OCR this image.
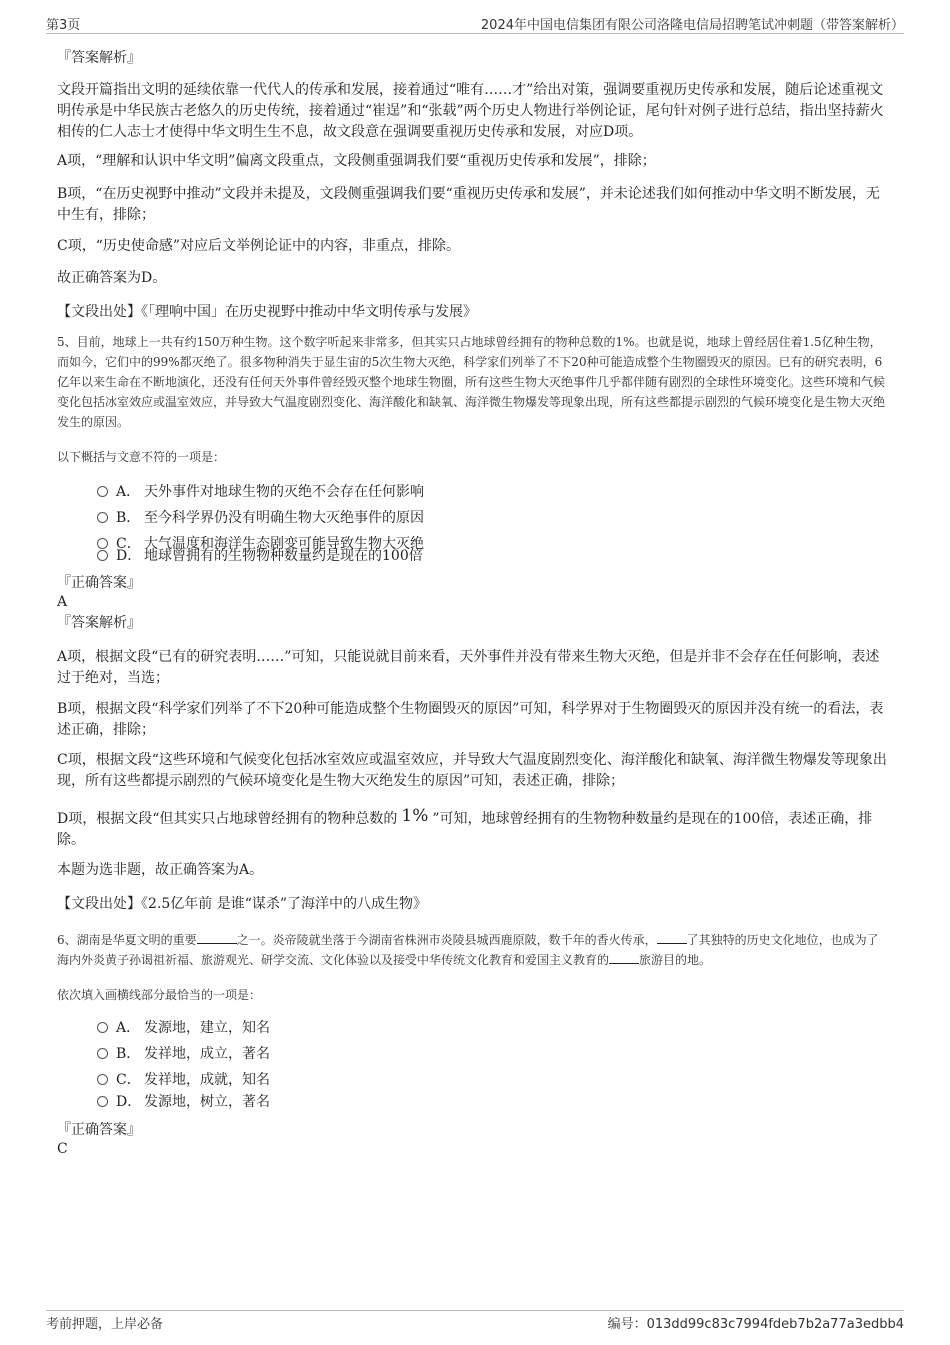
第3页	2024年中国电信集团有限公司洛隆电信局招聘笔试冲刺题（带答案解析）
『答案解析』
文段开篇指出文明的延续依靠一代代人的传承和发展，接着通过“唯有……才”给出对策，强调要重视历史传承和发展，随后论述重视文明传承是中华民族古老悠久的历史传统，接着通过“崔逞”和“张载”两个历史人物进行举例论证，尾句针对例子进行总结，指出坚持薪火相传的仁人志士才使得中华文明生生不息，故文段意在强调要重视历史传承和发展，对应D项。
A项，“理解和认识中华文明”偏离文段重点，文段侧重强调我们要“重视历史传承和发展”，排除；
B项，“在历史视野中推动”文段并未提及，文段侧重强调我们要“重视历史传承和发展”，并未论述我们如何推动中华文明不断发展，无中生有，排除；
C项，“历史使命感”对应后文举例论证中的内容，非重点，排除。
故正确答案为D。
【文段出处】《「理响中国」在历史视野中推动中华文明传承与发展》
5、目前，地球上一共有约150万种生物。这个数字听起来非常多，但其实只占地球曾经拥有的物种总数的1%。也就是说，地球上曾经居住着1.5亿种生物，而如今，它们中的99%都灭绝了。很多物种消失于显生宙的5次生物大灭绝，科学家们列举了不下20种可能造成整个生物圈毁灭的原因。已有的研究表明，6亿年以来生命在不断地演化，还没有任何天外事件曾经毁灭整个地球生物圈，所有这些生物大灭绝事件几乎都伴随有剧烈的全球性环境变化。这些环境和气候变化包括冰室效应或温室效应，并导致大气温度剧烈变化、海洋酸化和缺氧、海洋微生物爆发等现象出现，所有这些都提示剧烈的气候环境变化是生物大灭绝发生的原因。
以下概括与文意不符的一项是：
A． 天外事件对地球生物的灭绝不会存在任何影响
B． 至今科学界仍没有明确生物大灭绝事件的原因
C． 大气温度和海洋生态剧变可能导致生物大灭绝
D． 地球曾拥有的生物物种数量约是现在的100倍
『正确答案』
A
『答案解析』
A项，根据文段“已有的研究表明……”可知，只能说就目前来看，天外事件并没有带来生物大灭绝，但是并非不会存在任何影响，表述过于绝对，当选；
B项，根据文段“科学家们列举了不下20种可能造成整个生物圈毁灭的原因”可知，科学界对于生物圈毁灭的原因并没有统一的看法，表述正确，排除；
C项，根据文段“这些环境和气候变化包括冰室效应或温室效应，并导致大气温度剧烈变化、海洋酸化和缺氧、海洋微生物爆发等现象出现，所有这些都提示剧烈的气候环境变化是生物大灭绝发生的原因”可知，表述正确，排除；
D项，根据文段“但其实只占地球曾经拥有的物种总数的 1% ”可知，地球曾经拥有的生物物种数量约是现在的100倍，表述正确，排除。
本题为选非题，故正确答案为A。
【文段出处】《2.5亿年前 是谁“谋杀”了海洋中的八成生物》
6、湖南是华夏文明的重要	之一。炎帝陵就坐落于今湖南省株洲市炎陵县城西鹿原陂，数千年的香火传承，	了其独特的历史文化地位，也成为了海内外炎黄子孙谒祖祈福、旅游观光、研学交流、文化体验以及接受中华传统文化教育和爱国主义教育的	旅游目的地。
依次填入画横线部分最恰当的一项是：
A． 发源地，建立，知名
B． 发祥地，成立，著名
C． 发祥地，成就，知名
D． 发源地，树立，著名
『正确答案』
C
考前押题，上岸必备	编号：013dd99c83c7994fdeb7b2a77a3edbb4
